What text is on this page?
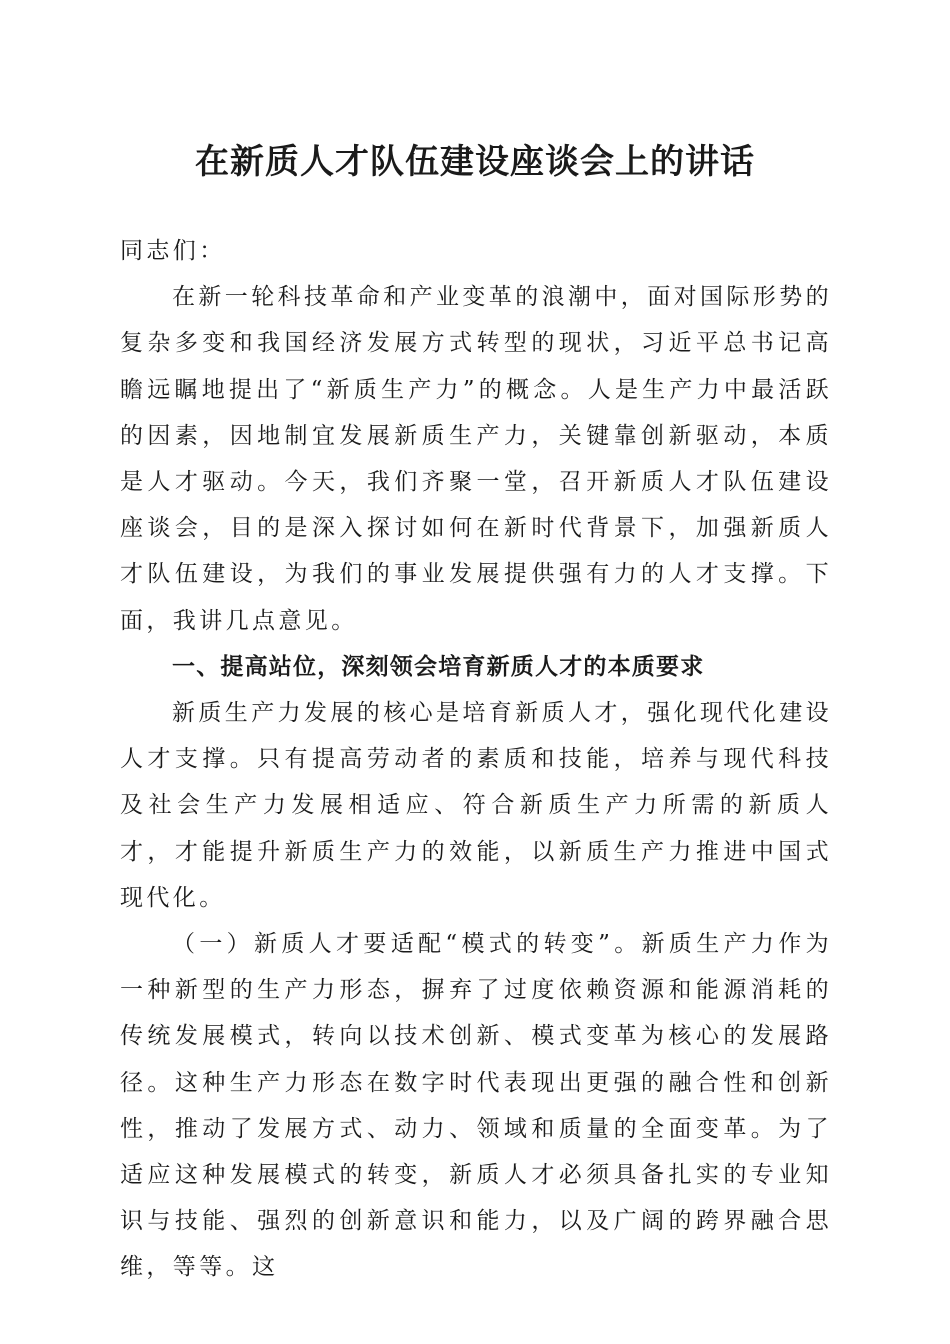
在新质人才队伍建设座谈会上的讲话

同志们：

在新一轮科技革命和产业变革的浪潮中，面对国际形势的复杂多变和我国经济发展方式转型的现状，习近平总书记高瞻远瞩地提出了“新质生产力”的概念。人是生产力中最活跃的因素，因地制宜发展新质生产力，关键靠创新驱动，本质是人才驱动。今天，我们齐聚一堂，召开新质人才队伍建设座谈会，目的是深入探讨如何在新时代背景下，加强新质人才队伍建设，为我们的事业发展提供强有力的人才支撑。下面，我讲几点意见。

一、提高站位，深刻领会培育新质人才的本质要求

新质生产力发展的核心是培育新质人才，强化现代化建设人才支撑。只有提高劳动者的素质和技能，培养与现代科技及社会生产力发展相适应、符合新质生产力所需的新质人才，才能提升新质生产力的效能，以新质生产力推进中国式现代化。

（一）新质人才要适配“模式的转变”。新质生产力作为一种新型的生产力形态，摒弃了过度依赖资源和能源消耗的传统发展模式，转向以技术创新、模式变革为核心的发展路径。这种生产力形态在数字时代表现出更强的融合性和创新性，推动了发展方式、动力、领域和质量的全面变革。为了适应这种发展模式的转变，新质人才必须具备扎实的专业知识与技能、强烈的创新意识和能力，以及广阔的跨界融合思维，等等。这
